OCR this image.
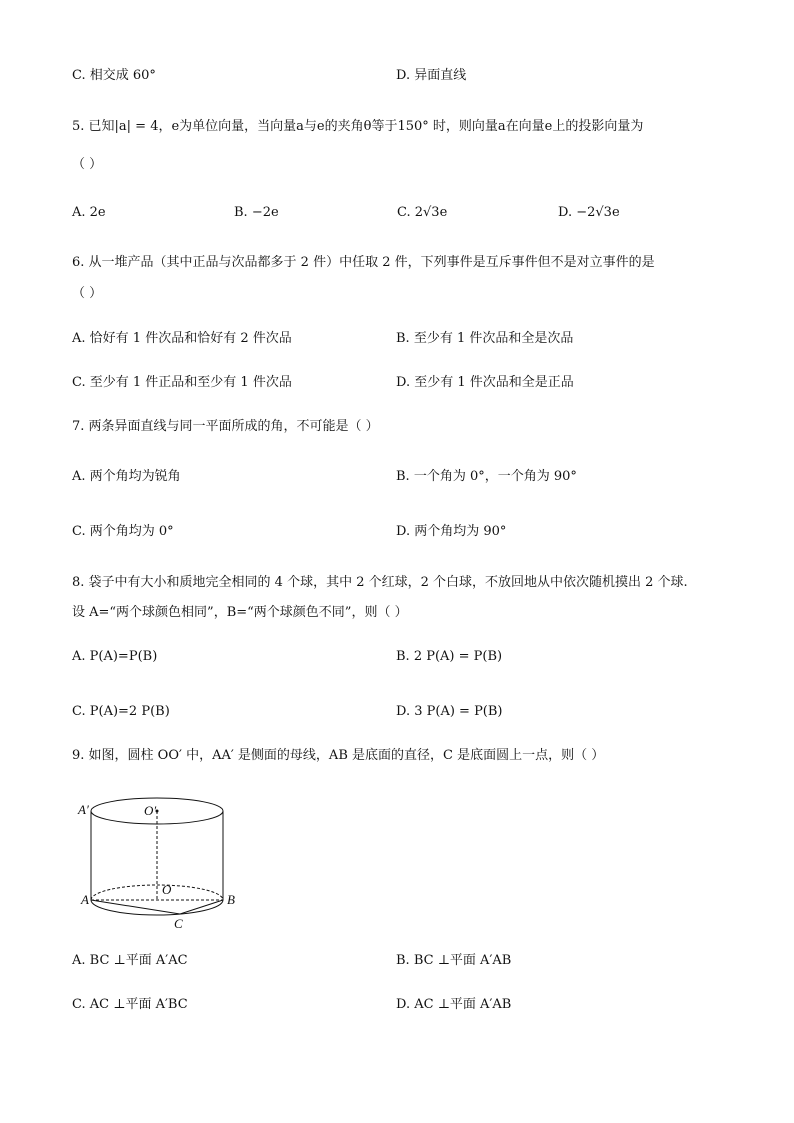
C. 相交成 60°	D. 异面直线
5. 已知|a| = 4，e为单位向量，当向量a与e的夹角θ等于150° 时，则向量a在向量e上的投影向量为
（ ）
A. 2e	B. −2e	C. 2√3e	D. −2√3e
6. 从一堆产品（其中正品与次品都多于 2 件）中任取 2 件，下列事件是互斥事件但不是对立事件的是
（ ）
A. 恰好有 1 件次品和恰好有 2 件次品	B. 至少有 1 件次品和全是次品
C. 至少有 1 件正品和至少有 1 件次品	D. 至少有 1 件次品和全是正品
7. 两条异面直线与同一平面所成的角，不可能是（ ）
A. 两个角均为锐角	B. 一个角为 0°，一个角为 90°
C. 两个角均为 0°	D. 两个角均为 90°
8. 袋子中有大小和质地完全相同的 4 个球，其中 2 个红球，2 个白球，不放回地从中依次随机摸出 2 个球.
设 A=“两个球颜色相同”，B=“两个球颜色不同”，则（ ）
A. P(A)=P(B)	B. 2 P(A) = P(B)
C. P(A)=2 P(B)	D. 3 P(A) = P(B)
9. 如图，圆柱 OO′ 中，AA′ 是侧面的母线，AB 是底面的直径，C 是底面圆上一点，则（ ）
A′	O′
O
A	B
C
A. BC ⊥平面 A′AC	B. BC ⊥平面 A′AB
C. AC ⊥平面 A′BC	D. AC ⊥平面 A′AB
